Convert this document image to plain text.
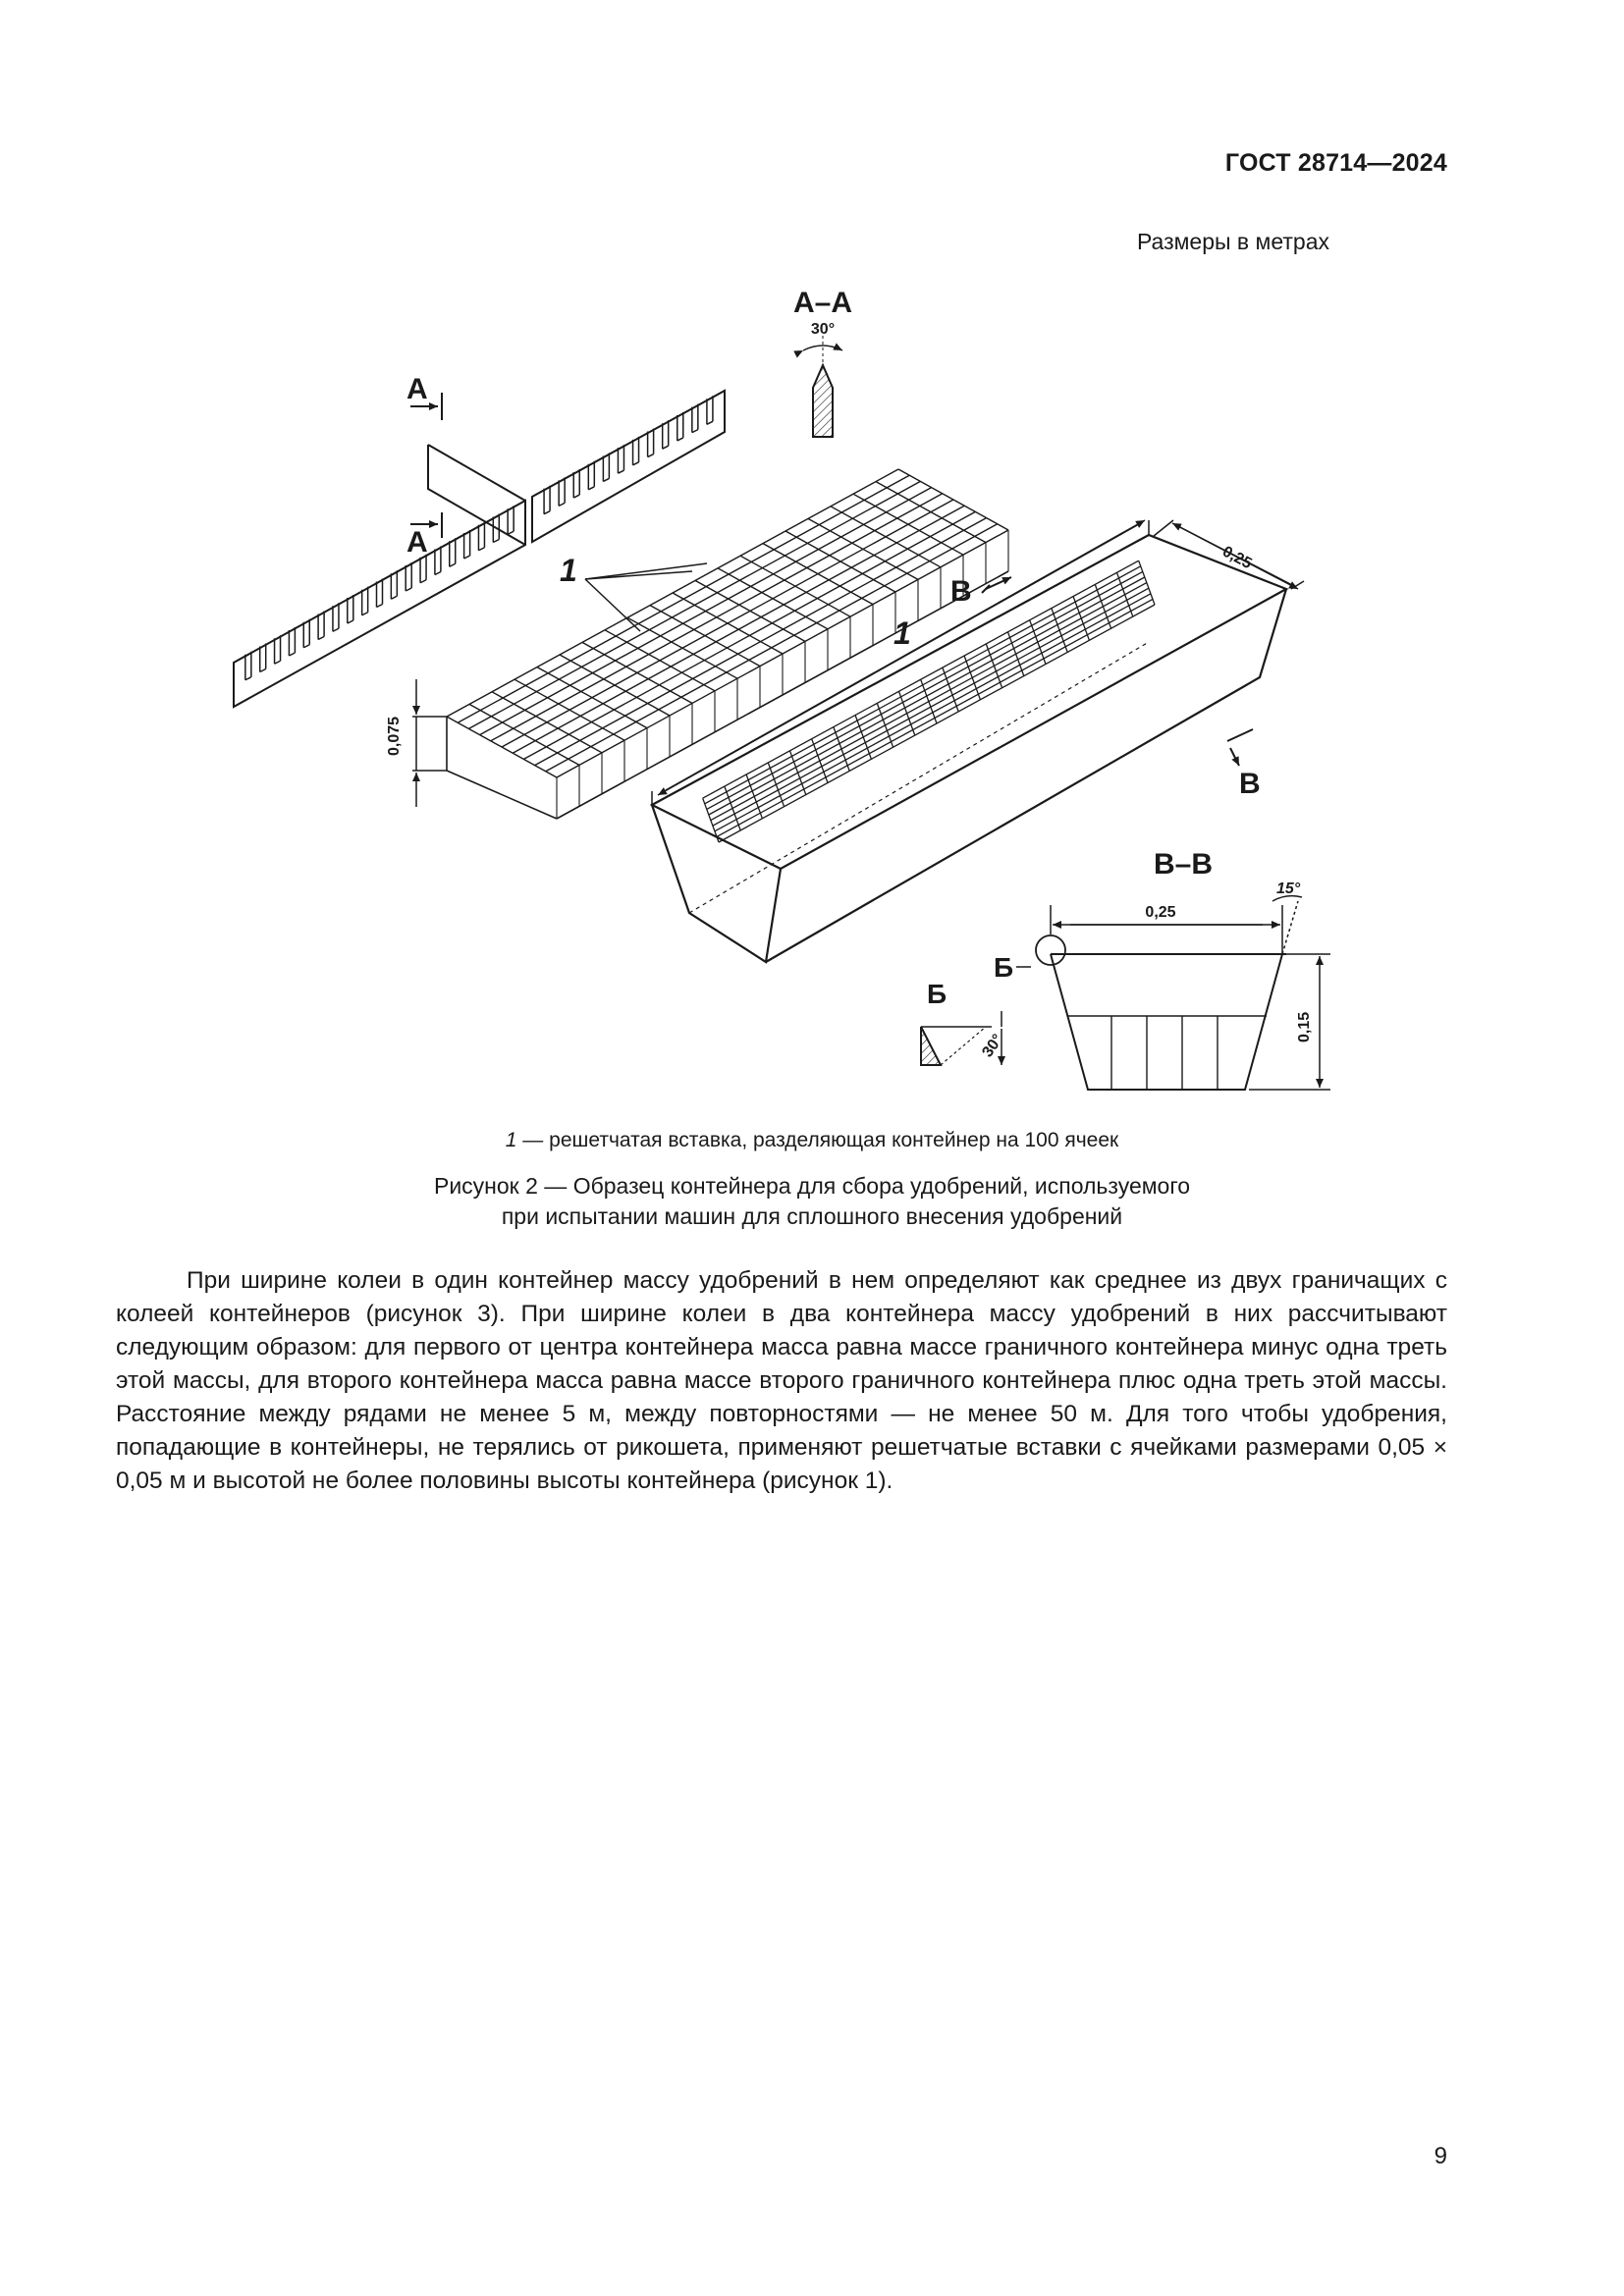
ГОСТ 28714—2024
Размеры в метрах
А–А
30°
А
А
1
0,075
1
0,25
В
В
В–В
0,25
15°
0,15
Б
Б
30°
1 — решетчатая вставка, разделяющая контейнер на 100 ячеек
Рисунок 2 — Образец контейнера для сбора удобрений, используемого
при испытании машин для сплошного внесения удобрений
При ширине колеи в один контейнер массу удобрений в нем определяют как среднее из двух граничащих с колеей контейнеров (рисунок 3). При ширине колеи в два контейнера массу удобрений в них рассчитывают следующим образом: для первого от центра контейнера масса равна массе граничного контейнера минус одна треть этой массы, для второго контейнера масса равна массе второго граничного контейнера плюс одна треть этой массы. Расстояние между рядами не менее 5 м, между повторностями — не менее 50 м. Для того чтобы удобрения, попадающие в контейнеры, не терялись от рикошета, применяют решетчатые вставки с ячейками размерами 0,05 × 0,05 м и высотой не более половины высоты контейнера (рисунок 1).
9
